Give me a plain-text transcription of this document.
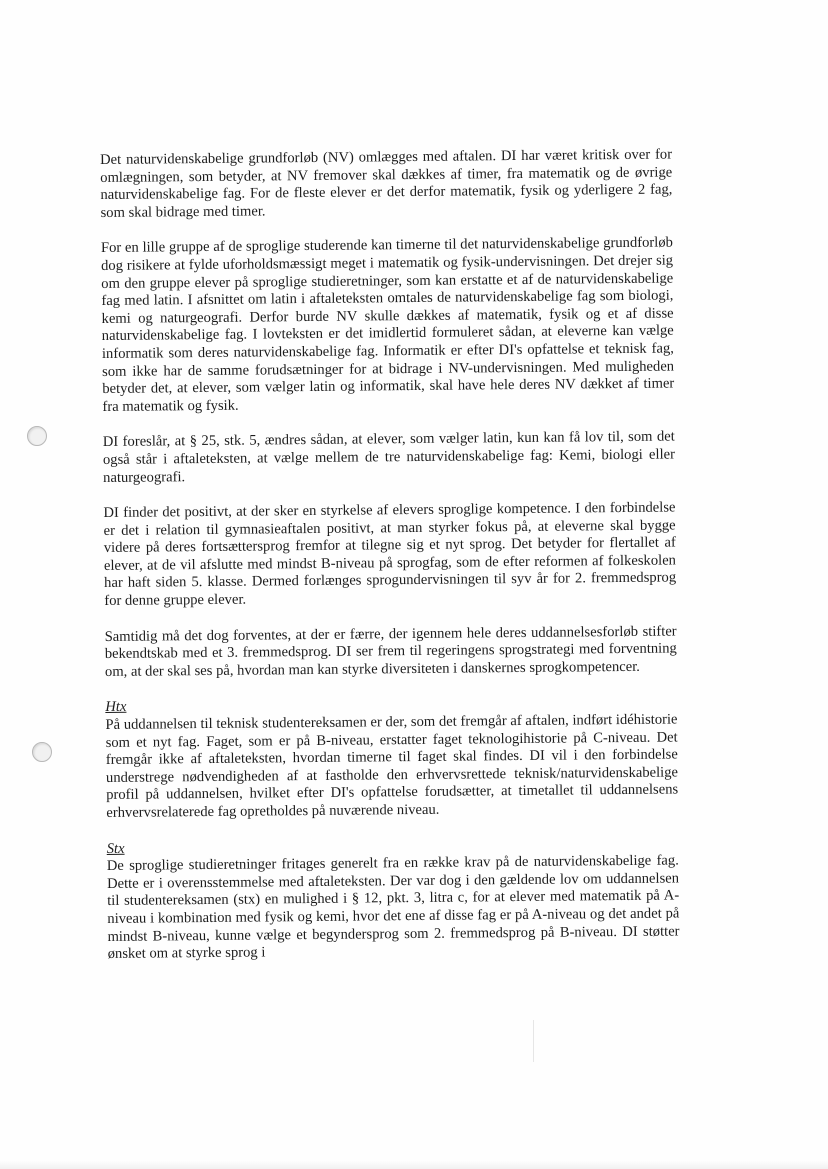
Det naturvidenskabelige grundforløb (NV) omlægges med aftalen. DI har været kritisk over for omlægningen, som betyder, at NV fremover skal dækkes af timer, fra matematik og de øvrige naturvidenskabelige fag. For de fleste elever er det derfor matematik, fysik og yderligere 2 fag, som skal bidrage med timer.

For en lille gruppe af de sproglige studerende kan timerne til det naturvidenskabelige grundforløb dog risikere at fylde uforholdsmæssigt meget i matematik og fysik-undervisningen. Det drejer sig om den gruppe elever på sproglige studieretninger, som kan erstatte et af de naturvidenskabelige fag med latin. I afsnittet om latin i aftaleteksten omtales de naturvidenskabelige fag som biologi, kemi og naturgeografi. Derfor burde NV skulle dækkes af matematik, fysik og et af disse naturvidenskabelige fag. I lovteksten er det imidlertid formuleret sådan, at eleverne kan vælge informatik som deres naturvidenskabelige fag. Informatik er efter DI's opfattelse et teknisk fag, som ikke har de samme forudsætninger for at bidrage i NV-undervisningen. Med muligheden betyder det, at elever, som vælger latin og informatik, skal have hele deres NV dækket af timer fra matematik og fysik.

DI foreslår, at § 25, stk. 5, ændres sådan, at elever, som vælger latin, kun kan få lov til, som det også står i aftaleteksten, at vælge mellem de tre naturvidenskabelige fag: Kemi, biologi eller naturgeografi.

DI finder det positivt, at der sker en styrkelse af elevers sproglige kompetence. I den forbindelse er det i relation til gymnasieaftalen positivt, at man styrker fokus på, at eleverne skal bygge videre på deres fortsættersprog fremfor at tilegne sig et nyt sprog. Det betyder for flertallet af elever, at de vil afslutte med mindst B-niveau på sprogfag, som de efter reformen af folkeskolen har haft siden 5. klasse. Dermed forlænges sprogundervisningen til syv år for 2. fremmedsprog for denne gruppe elever.

Samtidig må det dog forventes, at der er færre, der igennem hele deres uddannelsesforløb stifter bekendtskab med et 3. fremmedsprog. DI ser frem til regeringens sprogstrategi med forventning om, at der skal ses på, hvordan man kan styrke diversiteten i danskernes sprogkompetencer.

Htx

På uddannelsen til teknisk studentereksamen er der, som det fremgår af aftalen, indført idéhistorie som et nyt fag. Faget, som er på B-niveau, erstatter faget teknologihistorie på C-niveau. Det fremgår ikke af aftaleteksten, hvordan timerne til faget skal findes. DI vil i den forbindelse understrege nødvendigheden af at fastholde den erhvervsrettede teknisk/naturvidenskabelige profil på uddannelsen, hvilket efter DI's opfattelse forudsætter, at timetallet til uddannelsens erhvervsrelaterede fag opretholdes på nuværende niveau.

Stx

De sproglige studieretninger fritages generelt fra en række krav på de naturvidenskabelige fag. Dette er i overensstemmelse med aftaleteksten. Der var dog i den gældende lov om uddannelsen til studentereksamen (stx) en mulighed i § 12, pkt. 3, litra c, for at elever med matematik på A-niveau i kombination med fysik og kemi, hvor det ene af disse fag er på A-niveau og det andet på mindst B-niveau, kunne vælge et begyndersprog som 2. fremmedsprog på B-niveau. DI støtter ønsket om at styrke sprog i
